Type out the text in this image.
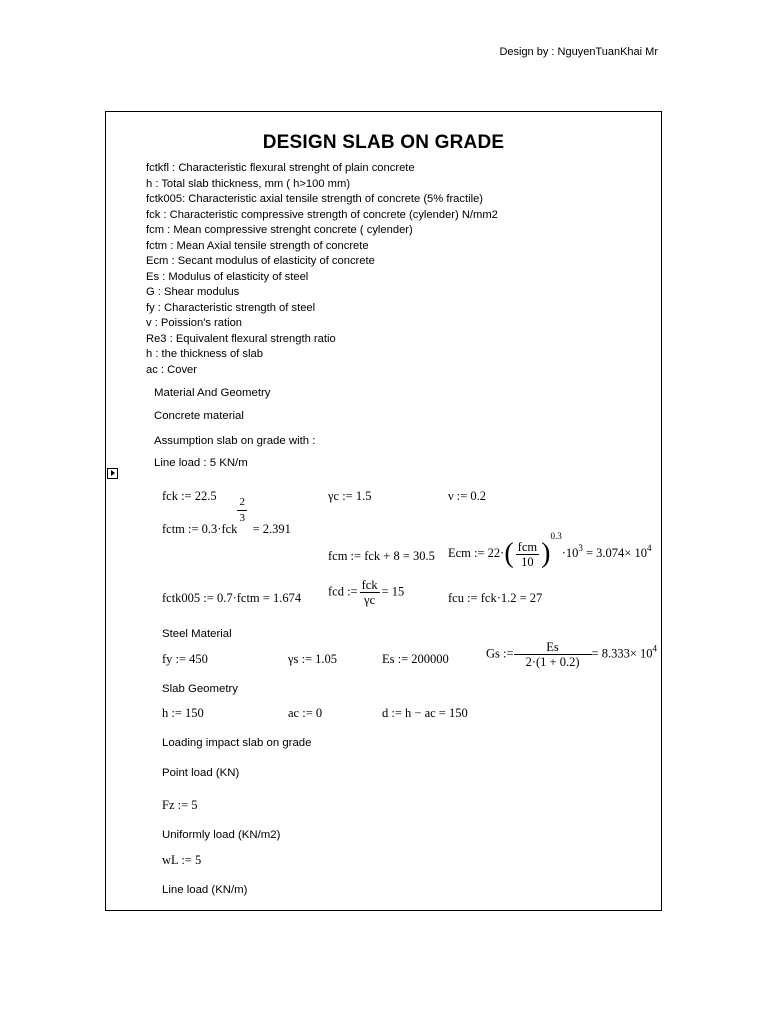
Design by : NguyenTuanKhai Mr
DESIGN SLAB ON GRADE
fctkfl : Characteristic flexural strenght of plain concrete
h : Total slab thickness, mm ( h>100 mm)
fctk005: Characteristic axial tensile strength of concrete (5% fractile)
fck : Characteristic compressive strength of concrete (cylender) N/mm2
fcm : Mean compressive strenght concrete ( cylender)
fctm : Mean Axial tensile strength of concrete
Ecm : Secant modulus of elasticity of concrete
Es : Modulus of elasticity of steel
G : Shear modulus
fy : Characteristic strength of steel
v : Poission's ration
Re3 : Equivalent flexural strength ratio
h : the thickness of slab
ac : Cover
Material And Geometry
Concrete material
Assumption slab on grade with :
Line load : 5 KN/m
fck := 22.5	γc := 1.5	ν := 0.2
fctm := $0.3\cdot fck \frac{2}{3} = 2.391$
fcm := fck + 8 = 30.5 Ecm := $22\cdot( \frac{\text{fcm}}{10} )^{0.3}\cdot 10^3 = 3.074\times 10^4$
fctk005 := 0.7·fctm = 1.674 fcd := $\frac{\text{fck}}{\gamma c} = 15$	fcu := fck·1.2 = 27
Steel Material
fy := 450	γs := 1.05	Es := 200000	Gs := $\frac{Es}{2\cdot(1 + 0.2)} = 8.333\times 10^4$
Slab Geometry
h := 150	ac := 0	d := h − ac = 150
Loading impact slab on grade
Point load (KN)
Fz := 5
Uniformly load (KN/m2)
wL := 5
Line load (KN/m)
